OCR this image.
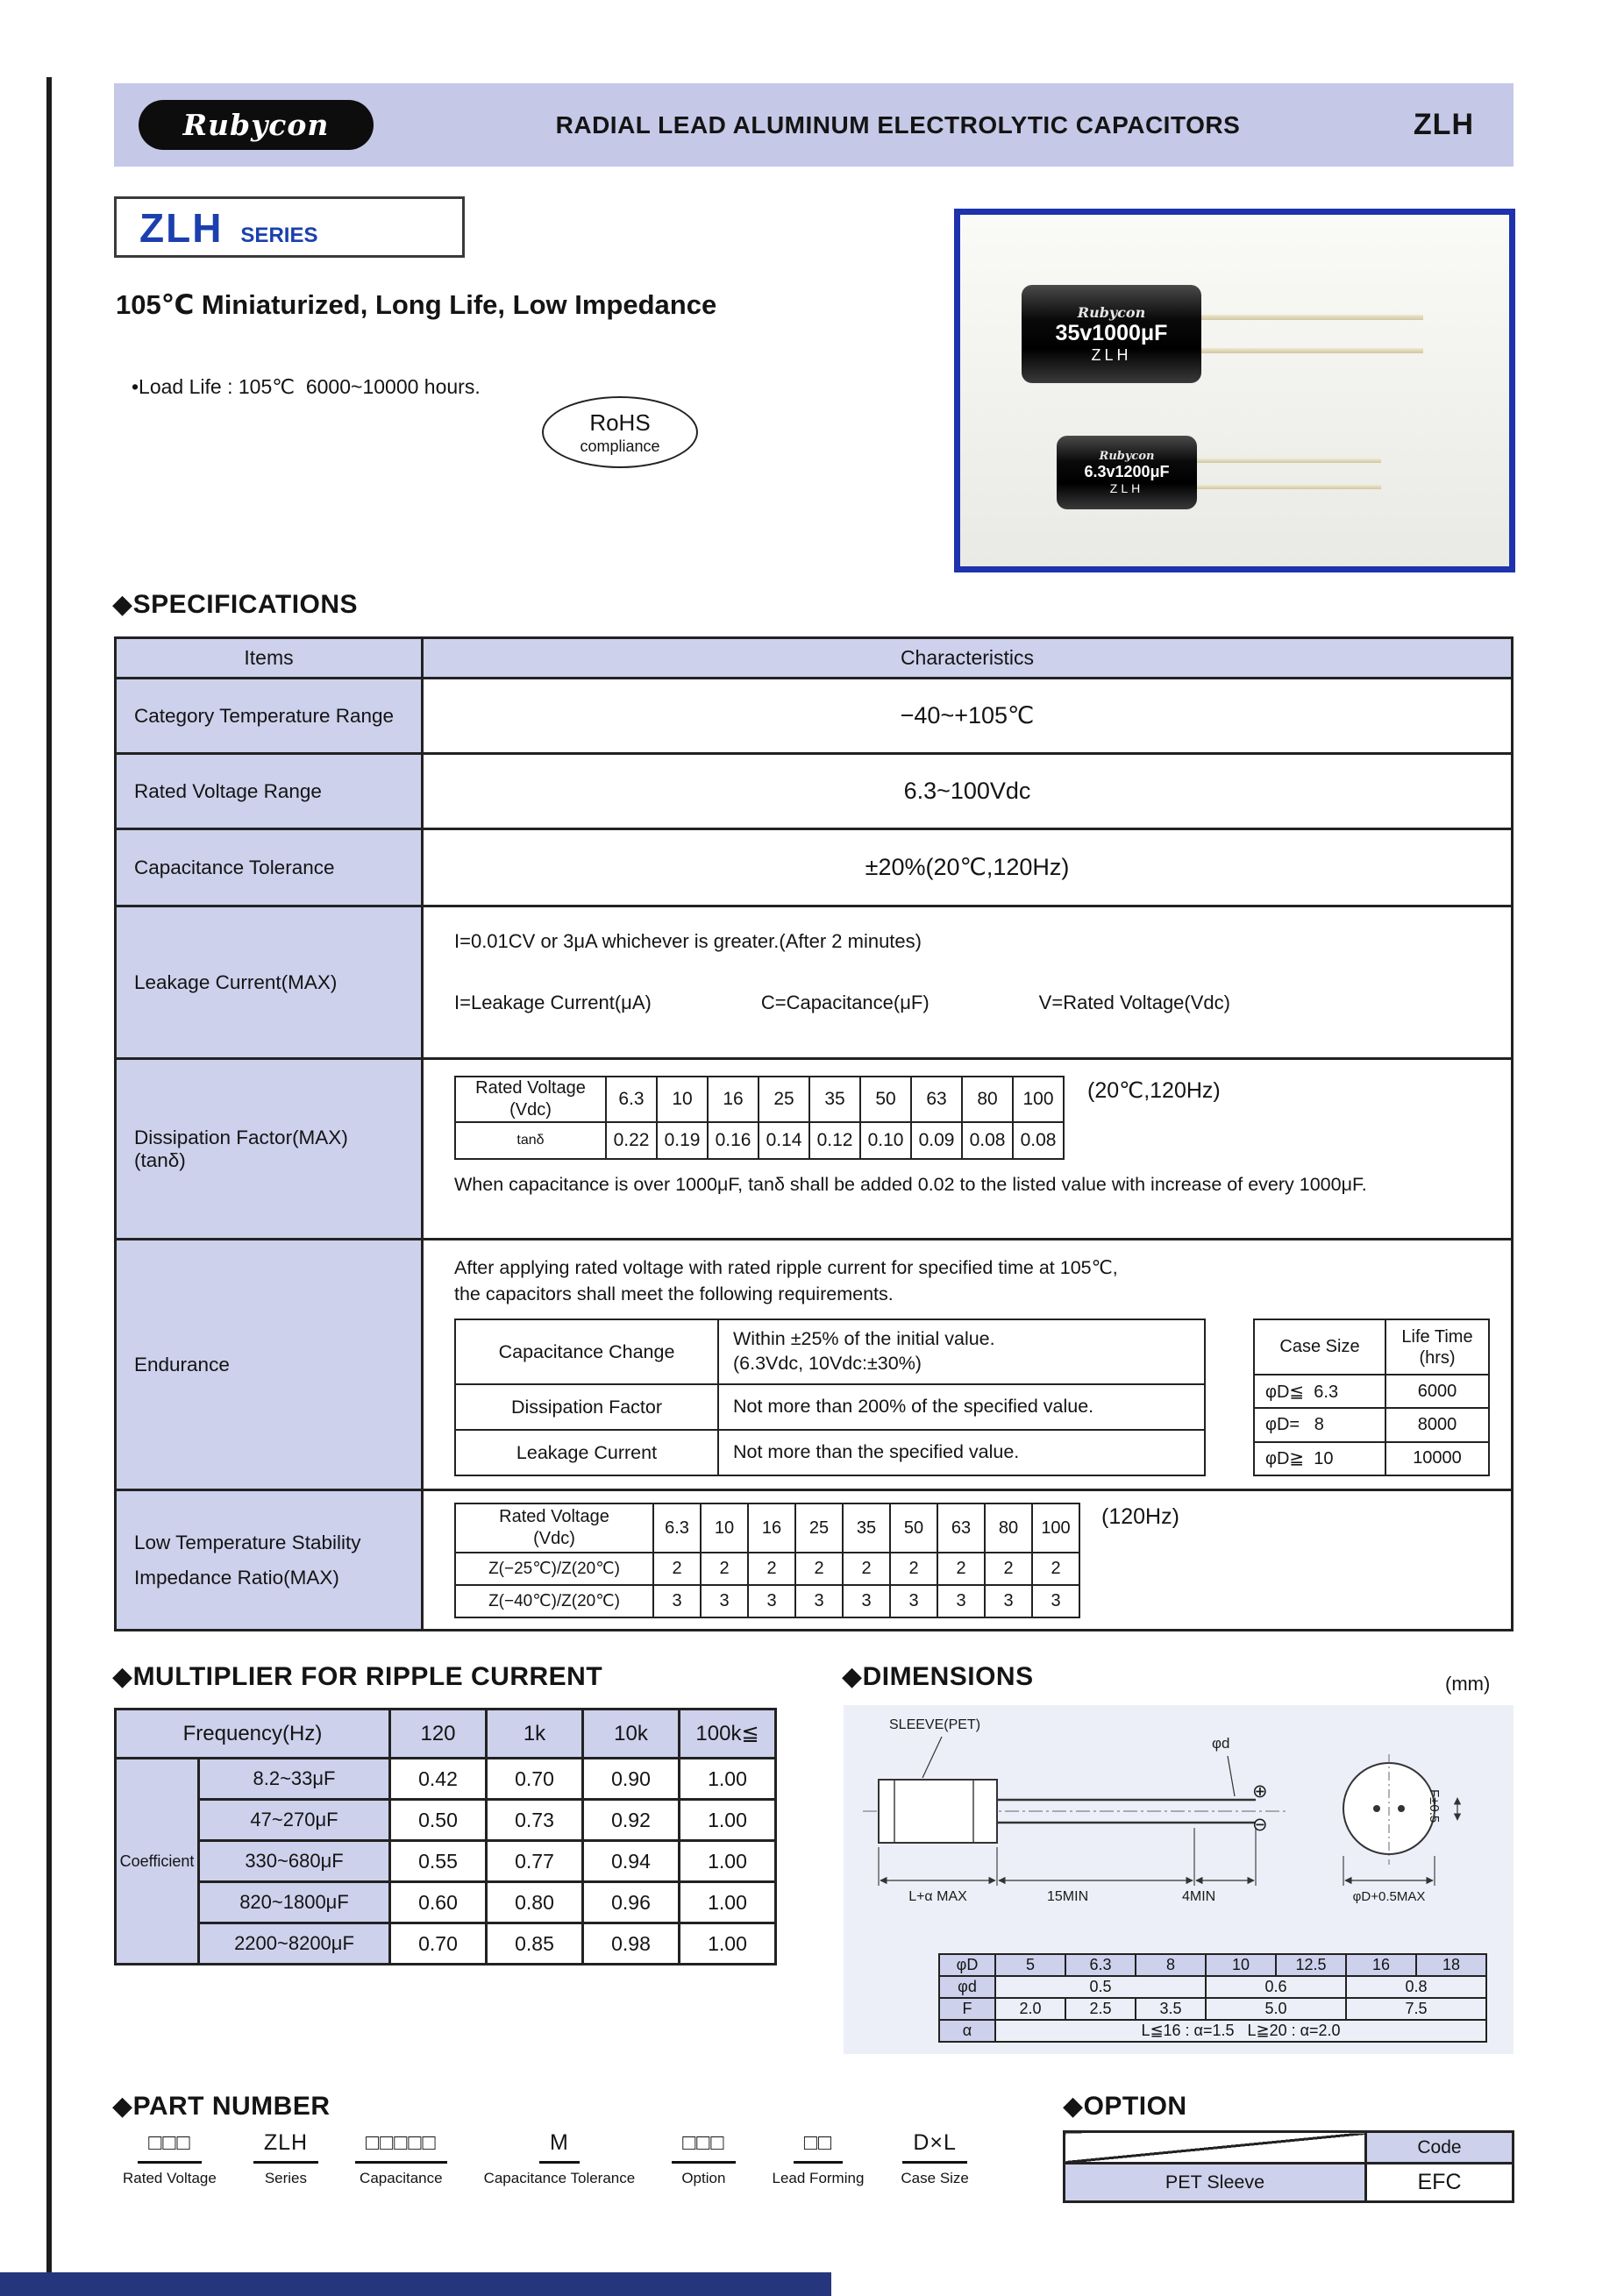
Rubycon	RADIAL LEAD ALUMINUM ELECTROLYTIC CAPACITORS	ZLH
ZLH SERIES
105℃ Miniaturized, Long Life, Low Impedance
•Load Life : 105℃  6000~10000 hours.
RoHS
compliance
Rubycon
35v1000μF
ZLH
Rubycon
6.3v1200μF
ZLH
◆SPECIFICATIONS
Items	Characteristics
Category Temperature Range	−40~+105℃
Rated Voltage Range	6.3~100Vdc
Capacitance Tolerance	±20%(20℃,120Hz)
Leakage Current(MAX)	
I=0.01CV or 3μA whichever is greater.(After 2 minutes)
I=Leakage Current(μA)	C=Capacitance(μF)	V=Rated Voltage(Vdc)

Dissipation Factor(MAX)
(tanδ)

Rated Voltage
(Vdc)
	6.3	10	16	25	35	50	63	80	100
tanδ	0.22	0.19	0.16	0.14	0.12	0.10	0.09	0.08	0.08
(20℃,120Hz)
When capacitance is over 1000μF, tanδ shall be added 0.02 to the listed value with increase of every 1000μF.

Endurance	
After applying rated voltage with rated ripple current for specified time at 105℃,
the capacitors shall meet the following requirements.
Capacitance Change	
Within ±25% of the initial value.
(6.3Vdc, 10Vdc:±30%)

Dissipation Factor	Not more than 200% of the specified value.
Leakage Current	Not more than the specified value.
Case Size	
Life Time
(hrs)

φD≦  6.3	6000
φD=   8	8000
φD≧  10	10000

Low Temperature Stability
Impedance Ratio(MAX)

Rated Voltage
(Vdc)
	6.3	10	16	25	35	50	63	80	100
Z(−25℃)/Z(20℃)	2	2	2	2	2	2	2	2	2
Z(−40℃)/Z(20℃)	3	3	3	3	3	3	3	3	3
(120Hz)
◆MULTIPLIER FOR RIPPLE CURRENT
Frequency(Hz)		120	1k	10k	100k≦
Coefficient	8.2~33μF	0.42	0.70	0.90	1.00
	47~270μF	0.50	0.73	0.92	1.00
	330~680μF	0.55	0.77	0.94	1.00
	820~1800μF	0.60	0.80	0.96	1.00
	2200~8200μF	0.70	0.85	0.98	1.00
◆DIMENSIONS	(mm)
SLEEVE(PET)
φd
⊕
⊖
L+α MAX	15MIN	4MIN	φD+0.5MAX
F±0.5
φD	5	6.3	8	10	12.5	16	18
φd	0.5			0.6		0.8	
F	2.0	2.5	3.5	5.0		7.5	
α	L≦16 : α=1.5   L≧20 : α=2.0						
◆PART NUMBER
□□□
Rated Voltage
ZLH
Series
□□□□□
Capacitance
M
Capacitance Tolerance
□□□
Option
□□
Lead Forming
D×L
Case Size
◆OPTION
	Code
PET Sleeve	EFC
